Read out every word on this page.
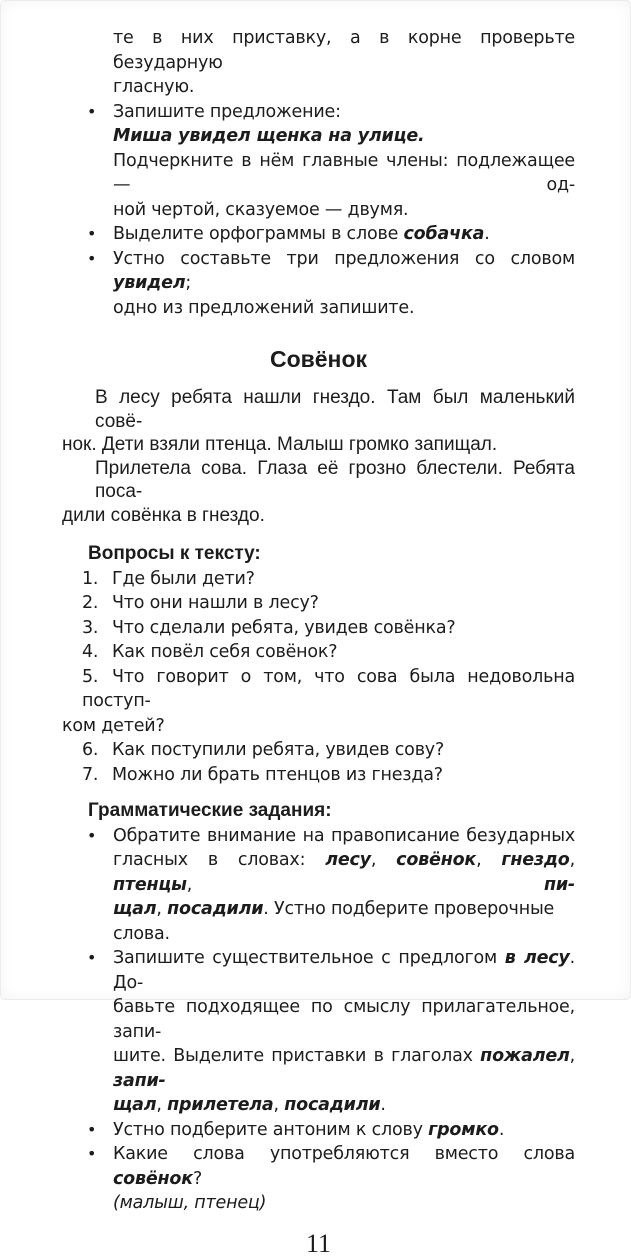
те в них приставку, а в корне проверьте безударную
гласную.
• Запишите предложение:
Миша увидел щенка на улице.
Подчеркните в нём главные члены: подлежащее — од-
ной чертой, сказуемое — двумя.
• Выделите орфограммы в слове собачка.
• Устно составьте три предложения со словом увидел;
одно из предложений запишите.
Совёнок
В лесу ребята нашли гнездо. Там был маленький совё-
нок. Дети взяли птенца. Малыш громко запищал.
Прилетела сова. Глаза её грозно блестели. Ребята поса-
дили совёнка в гнездо.
Вопросы к тексту:
1. Где были дети?
2. Что они нашли в лесу?
3. Что сделали ребята, увидев совёнка?
4. Как повёл себя совёнок?
5. Что говорит о том, что сова была недовольна поступ-
ком детей?
6. Как поступили ребята, увидев сову?
7. Можно ли брать птенцов из гнезда?
Грамматические задания:
• Обратите внимание на правописание безударных
гласных в словах: лесу, совёнок, гнездо, птенцы, пи-
щал, посадили. Устно подберите проверочные слова.
• Запишите существительное с предлогом в лесу. До-
бавьте подходящее по смыслу прилагательное, запи-
шите. Выделите приставки в глаголах пожалел, запи-
щал, прилетела, посадили.
• Устно подберите антоним к слову громко.
• Какие слова употребляются вместо слова совёнок?
(малыш, птенец)
11
